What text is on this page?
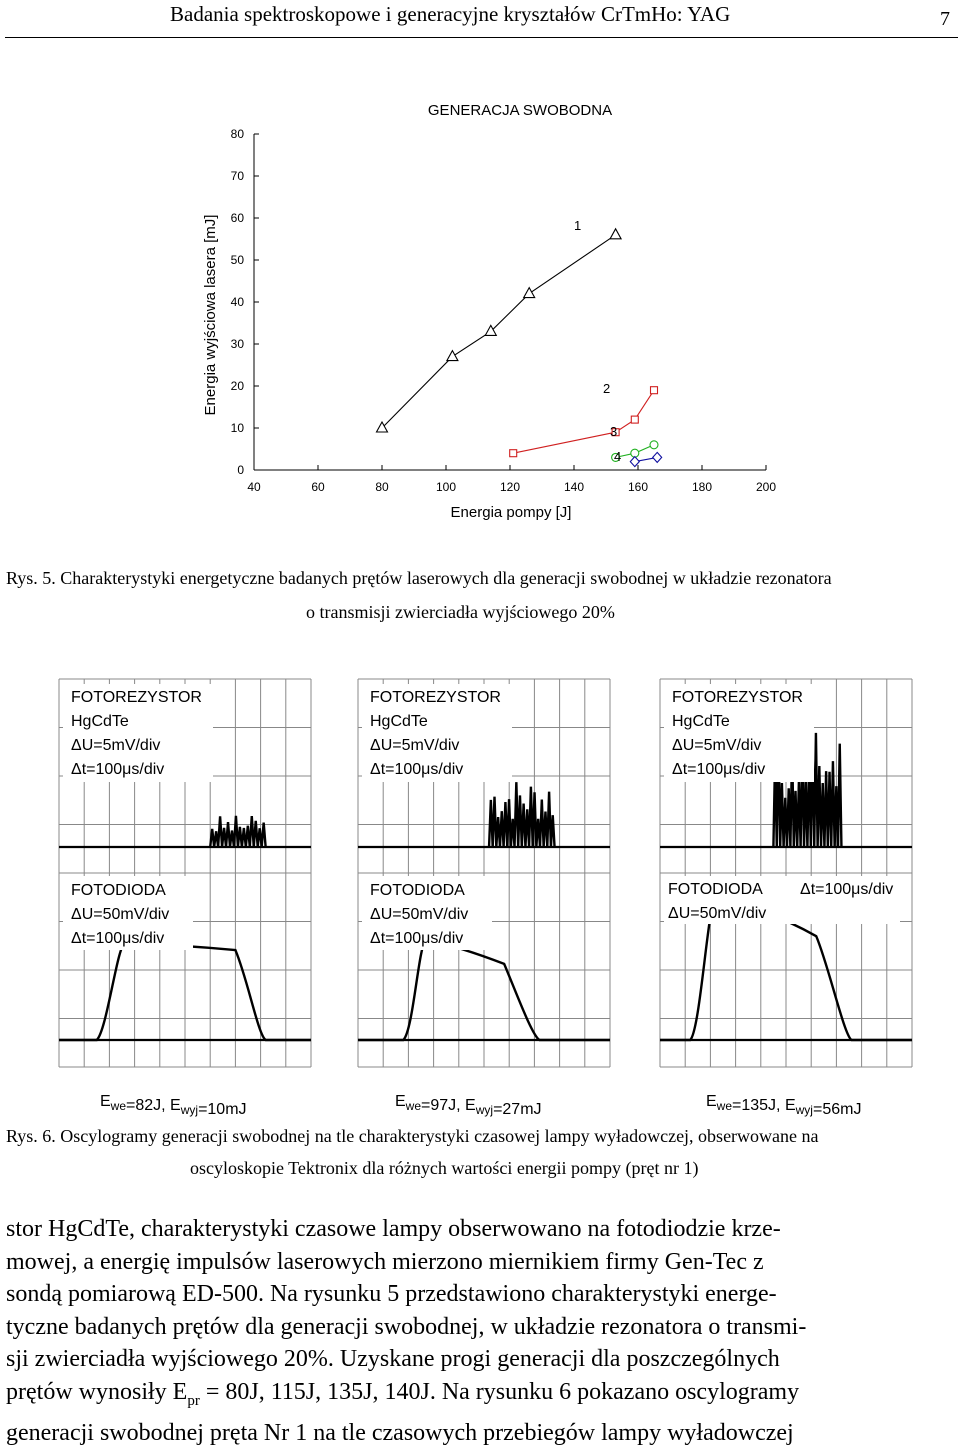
Badania spektroskopowe i generacyjne kryształów CrTmHo: YAG	7
GENERACJA SWOBODNA
Energia pompy [J]
Energia wyjściowa lasera [mJ]
40	60	80	100	120	140	160	180	200
0
10
20
30
40
50
60
70
80
1
2
3
4
Rys. 5. Charakterystyki energetyczne badanych prętów laserowych dla generacji swobodnej w układzie rezonatora
o transmisji zwierciadła wyjściowego 20%
FOTOREZYSTOR
HgCdTe
ΔU=5mV/div
Δt=100μs/div
FOTODIODA
ΔU=50mV/div
Δt=100μs/div
$E_{we}=82J$, $E_{wyj}=10mJ$
FOTOREZYSTOR
HgCdTe
ΔU=5mV/div
Δt=100μs/div
FOTODIODA
ΔU=50mV/div
Δt=100μs/div
$E_{we}=97J$, $E_{wyj}=27mJ$
FOTOREZYSTOR
HgCdTe
ΔU=5mV/div
Δt=100μs/div
FOTODIODA
ΔU=50mV/div
Δt=100μs/div
$E_{we}=135J$, $E_{wyj}=56mJ$
Rys. 6. Oscylogramy generacji swobodnej na tle charakterystyki czasowej lampy wyładowczej, obserwowane na
oscyloskopie Tektronix dla różnych wartości energii pompy (pręt nr 1)
stor HgCdTe, charakterystyki czasowe lampy obserwowano na fotodiodzie krze-
mowej, a energię impulsów laserowych mierzono miernikiem firmy Gen-Tec z
sondą pomiarową ED-500. Na rysunku 5 przedstawiono charakterystyki energe-
tyczne badanych prętów dla generacji swobodnej, w układzie rezonatora o transmi-
sji zwierciadła wyjściowego 20%. Uzyskane progi generacji dla poszczególnych
prętów wynosiły $E_{pr} = 80J$, 115J, 135J, 140J. Na rysunku 6 pokazano oscylogramy
generacji swobodnej pręta Nr 1 na tle czasowych przebiegów lampy wyładowczej
